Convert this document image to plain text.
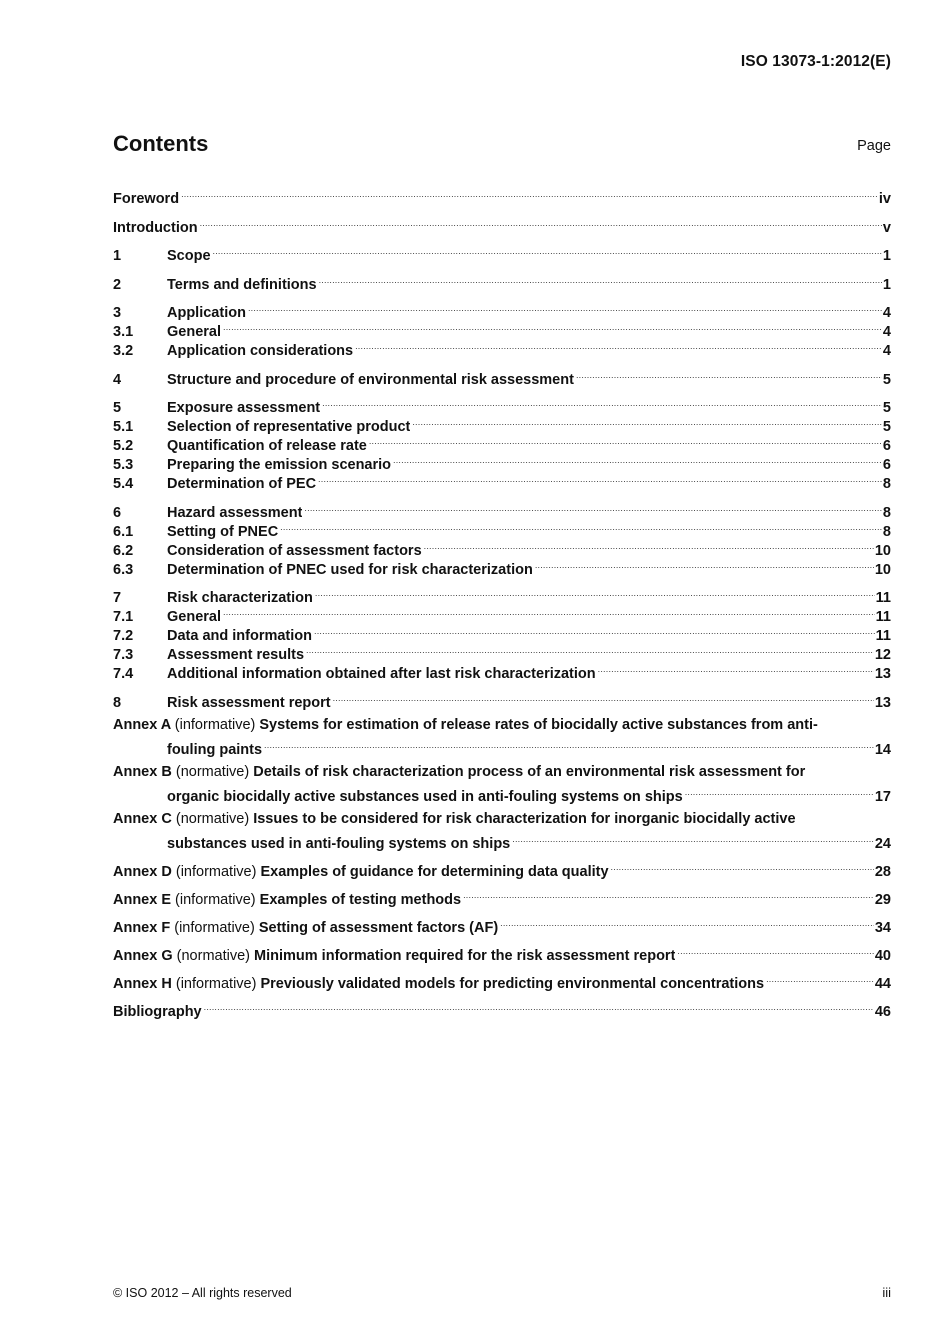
ISO 13073-1:2012(E)
Contents	Page
Foreword .....	iv
Introduction .....	v
1	Scope .....	1
2	Terms and definitions .....	1
3	Application .....	4
3.1	General .....	4
3.2	Application considerations .....	4
4	Structure and procedure of environmental risk assessment .....	5
5	Exposure assessment .....	5
5.1	Selection of representative product .....	5
5.2	Quantification of release rate .....	6
5.3	Preparing the emission scenario .....	6
5.4	Determination of PEC .....	8
6	Hazard assessment .....	8
6.1	Setting of PNEC .....	8
6.2	Consideration of assessment factors .....	10
6.3	Determination of PNEC used for risk characterization .....	10
7	Risk characterization .....	11
7.1	General .....	11
7.2	Data and information .....	11
7.3	Assessment results .....	12
7.4	Additional information obtained after last risk characterization .....	13
8	Risk assessment report .....	13
Annex A (informative) Systems for estimation of release rates of biocidally active substances from anti-
fouling paints .....	14
Annex B (normative) Details of risk characterization process of an environmental risk assessment for
organic biocidally active substances used in anti-fouling systems on ships .....	17
Annex C (normative) Issues to be considered for risk characterization for inorganic biocidally active
substances used in anti-fouling systems on ships .....	24
Annex D (informative) Examples of guidance for determining data quality .....	28
Annex E (informative) Examples of testing methods .....	29
Annex F (informative) Setting of assessment factors (AF) .....	34
Annex G (normative) Minimum information required for the risk assessment report .....	40
Annex H (informative) Previously validated models for predicting environmental concentrations .....	44
Bibliography .....	46
© ISO 2012 – All rights reserved	iii
